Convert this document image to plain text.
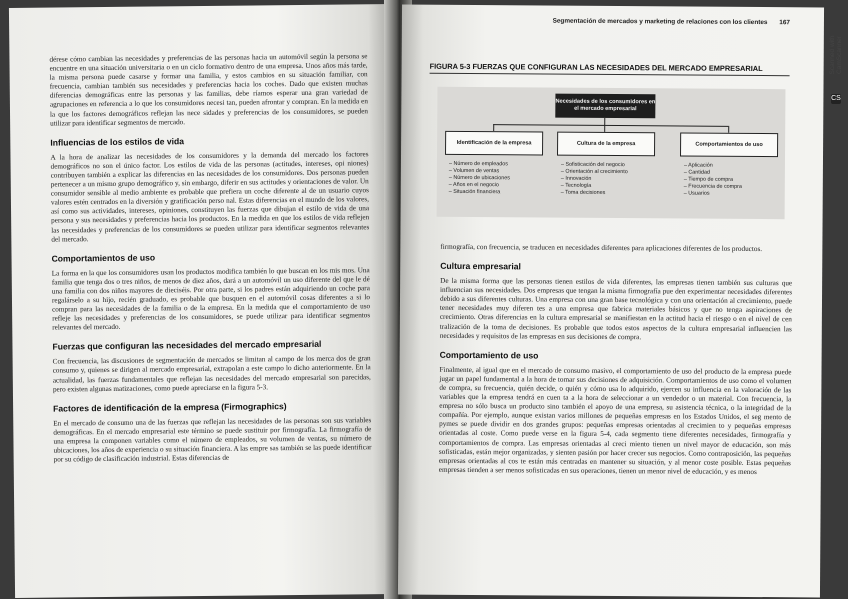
dérese cómo cambian las necesidades y preferencias de las personas hacia un automóvil según la persona se encuentre en una situación universitaria o en un ciclo formativo dentro de una empresa. Unos años más tarde, la misma persona puede casarse y formar una familia, y estos cambios en su situación familiar, con frecuencia, cambian también sus necesidades y preferencias hacia los coches. Dado que existen muchas diferencias demográficas entre las personas y las familias, debe ríamos esperar una gran variedad de agrupaciones en referencia a lo que los consumidores necesi tan, pueden afrontar y compran. En la medida en la que los factores demográficos reflejan las nece sidades y preferencias de los consumidores, se pueden utilizar para identificar segmentos de mercado.

Influencias de los estilos de vida

A la hora de analizar las necesidades de los consumidores y la demanda del mercado los factores demográficos no son el único factor. Los estilos de vida de las personas (actitudes, intereses, opi niones) contribuyen también a explicar las diferencias en las necesidades de los consumidores. Dos personas pueden pertenecer a un mismo grupo demográfico y, sin embargo, diferir en sus actitudes y orientaciones de valor. Un consumidor sensible al medio ambiente es probable que prefiera un coche diferente al de un usuario cuyos valores estén centrados en la diversión y gratificación perso nal. Estas diferencias en el mundo de los valores, así como sus actividades, intereses, opiniones, constituyen las fuerzas que dibujan el estilo de vida de una persona y sus necesidades y preferencias hacia los productos. En la medida en que los estilos de vida reflejen las necesidades y preferencias de los consumidores se pueden utilizar para identificar segmentos relevantes del mercado.

Comportamientos de uso

La forma en la que los consumidores usan los productos modifica también lo que buscan en los mis mos. Una familia que tenga dos o tres niños, de menos de diez años, dará a un automóvil un uso diferente del que le dé una familia con dos niños mayores de dieciséis. Por otra parte, si los padres están adquiriendo un coche para regalárselo a su hijo, recién graduado, es probable que busquen en el automóvil cosas diferentes a si lo compran para las necesidades de la familia o de la empresa. En la medida que el comportamiento de uso refleje las necesidades y preferencias de los consumidores, se puede utilizar para identificar segmentos relevantes del mercado.

Fuerzas que configuran las necesidades del mercado empresarial

Con frecuencia, las discusiones de segmentación de mercados se limitan al campo de los merca dos de gran consumo y, quienes se dirigen al mercado empresarial, extrapolan a este campo lo dicho anteriormente. En la actualidad, las fuerzas fundamentales que reflejan las necesidades del mercado empresarial son parecidas, pero existen algunas matizaciones, como puede apreciarse en la figura 5-3.

Factores de identificación de la empresa (Firmographics)

En el mercado de consumo una de las fuerzas que reflejan las necesidades de las personas son sus variables demográficas. En el mercado empresarial este término se puede sustituir por firmografía. La firmografía de una empresa la componen variables como el número de empleados, su volumen de ventas, su número de ubicaciones, los años de experiencia o su situación financiera. A las empre sas también se las puede identificar por su código de clasificación industrial. Estas diferencias de

Segmentación de mercados y marketing de relaciones con los clientes 167
FIGURA 5-3 FUERZAS QUE CONFIGURAN LAS NECESIDADES DEL MERCADO EMPRESARIAL
Necesidades de los consumidores en el mercado empresarial
Identificación de la empresa	Cultura de la empresa	Comportamientos de uso
– Número de empleados
– Volumen de ventas
– Número de ubicaciones
– Años en el negocio
– Situación financiera
– Sofisticación del negocio
– Orientación al crecimiento
– Innovación
– Tecnología
– Toma decisiones
– Aplicación
– Cantidad
– Tiempo de compra
– Frecuencia de compra
– Usuarios

firmografía, con frecuencia, se traducen en necesidades diferentes para aplicaciones diferentes de los productos.

Cultura empresarial

De la misma forma que las personas tienen estilos de vida diferentes, las empresas tienen también sus culturas que influencian sus necesidades. Dos empresas que tengan la misma firmografía pue den experimentar necesidades diferentes debido a sus diferentes culturas. Una empresa con una gran base tecnológica y con una orientación al crecimiento, puede tener necesidades muy diferen tes a una empresa que fabrica materiales básicos y que no tenga aspiraciones de crecimiento. Otras diferencias en la cultura empresarial se manifiestan en la actitud hacia el riesgo o en el nivel de cen tralización de la toma de decisiones. Es probable que todos estos aspectos de la cultura empresarial influencien las necesidades y requisitos de las empresas en sus decisiones de compra.

Comportamiento de uso

Finalmente, al igual que en el mercado de consumo masivo, el comportamiento de uso del producto de la empresa puede jugar un papel fundamental a la hora de tomar sus decisiones de adquisición. Comportamientos de uso como el volumen de compra, su frecuencia, quién decide, o quién y cómo usa lo adquirido, ejercen su influencia en la valoración de las variables que la empresa tendrá en cuen ta a la hora de seleccionar a un vendedor o un material. Con frecuencia, la empresa no sólo busca un producto sino también el apoyo de una empresa, su asistencia técnica, o la integridad de la compañía. Por ejemplo, aunque existan varios millones de pequeñas empresas en los Estados Unidos, el seg mento de pymes se puede dividir en dos grandes grupos: pequeñas empresas orientadas al crecimien to y pequeñas empresas orientadas al coste. Como puede verse en la figura 5-4, cada segmento tiene diferentes necesidades, firmografía y comportamientos de compra. Las empresas orientadas al creci miento tienen un nivel mayor de educación, son más sofisticadas, están mejor organizadas, y sienten pasión por hacer crecer sus negocios. Como contraposición, las pequeñas empresas orientadas al cos te están más centradas en mantener su situación, y al menor coste posible. Estas pequeñas empresas tienden a ser menos sofisticadas en sus operaciones, tienen un menor nivel de educación, y es menos

Scanned with
CamScanner
CS
